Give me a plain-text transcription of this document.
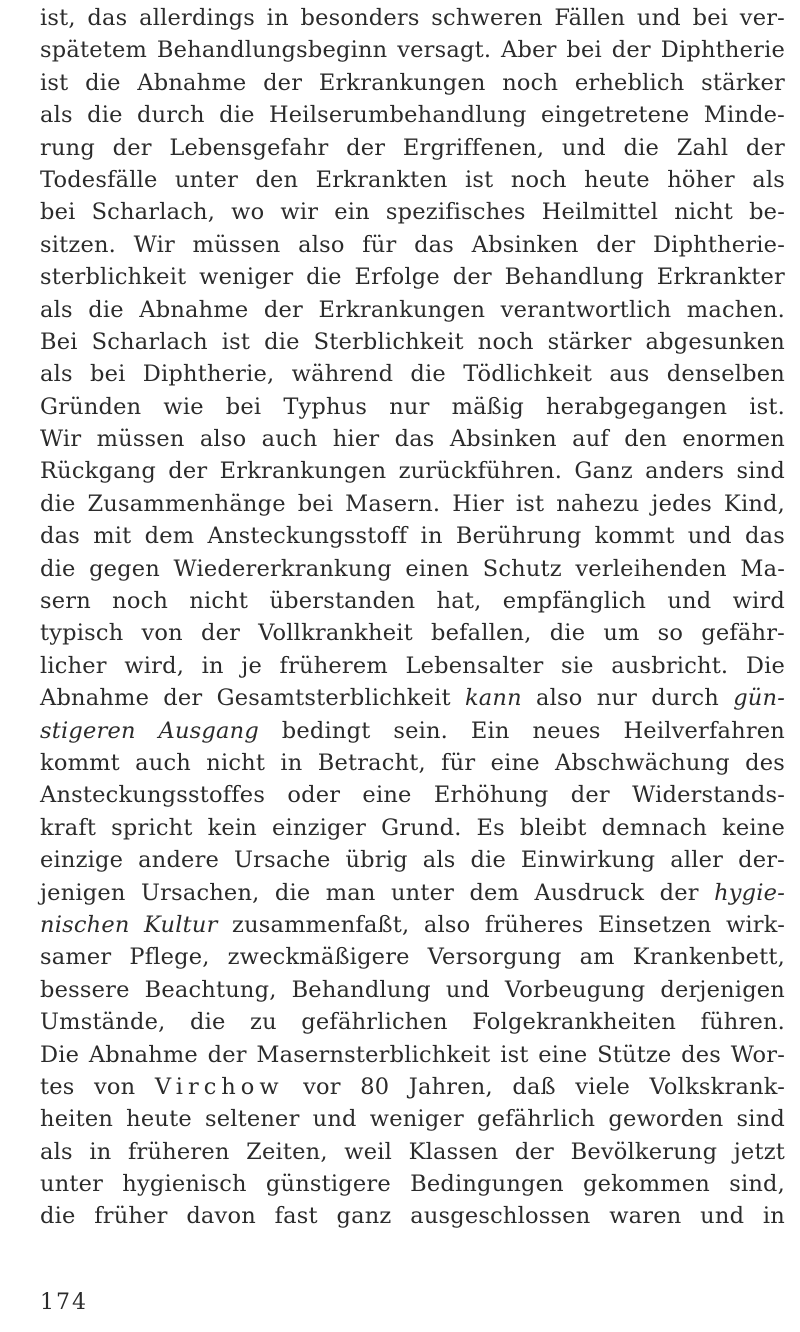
ist, das allerdings in besonders schweren Fällen und bei ver-
spätetem Behandlungsbeginn versagt. Aber bei der Diphtherie
ist die Abnahme der Erkrankungen noch erheblich stärker
als die durch die Heilserumbehandlung eingetretene Minde-
rung der Lebensgefahr der Ergriffenen, und die Zahl der
Todesfälle unter den Erkrankten ist noch heute höher als
bei Scharlach, wo wir ein spezifisches Heilmittel nicht be-
sitzen. Wir müssen also für das Absinken der Diphtherie-
sterblichkeit weniger die Erfolge der Behandlung Erkrankter
als die Abnahme der Erkrankungen verantwortlich machen.
Bei Scharlach ist die Sterblichkeit noch stärker abgesunken
als bei Diphtherie, während die Tödlichkeit aus denselben
Gründen wie bei Typhus nur mäßig herabgegangen ist.
Wir müssen also auch hier das Absinken auf den enormen
Rückgang der Erkrankungen zurückführen. Ganz anders sind
die Zusammenhänge bei Masern. Hier ist nahezu jedes Kind,
das mit dem Ansteckungsstoff in Berührung kommt und das
die gegen Wiedererkrankung einen Schutz verleihenden Ma-
sern noch nicht überstanden hat, empfänglich und wird
typisch von der Vollkrankheit befallen, die um so gefähr-
licher wird, in je früherem Lebensalter sie ausbricht. Die
Abnahme der Gesamtsterblichkeit kann also nur durch gün-
stigeren Ausgang bedingt sein. Ein neues Heilverfahren
kommt auch nicht in Betracht, für eine Abschwächung des
Ansteckungsstoffes oder eine Erhöhung der Widerstands-
kraft spricht kein einziger Grund. Es bleibt demnach keine
einzige andere Ursache übrig als die Einwirkung aller der-
jenigen Ursachen, die man unter dem Ausdruck der hygie-
nischen Kultur zusammenfaßt, also früheres Einsetzen wirk-
samer Pflege, zweckmäßigere Versorgung am Krankenbett,
bessere Beachtung, Behandlung und Vorbeugung derjenigen
Umstände, die zu gefährlichen Folgekrankheiten führen.
Die Abnahme der Masernsterblichkeit ist eine Stütze des Wor-
tes von Virchow vor 80 Jahren, daß viele Volkskrank-
heiten heute seltener und weniger gefährlich geworden sind
als in früheren Zeiten, weil Klassen der Bevölkerung jetzt
unter hygienisch günstigere Bedingungen gekommen sind,
die früher davon fast ganz ausgeschlossen waren und in
174
